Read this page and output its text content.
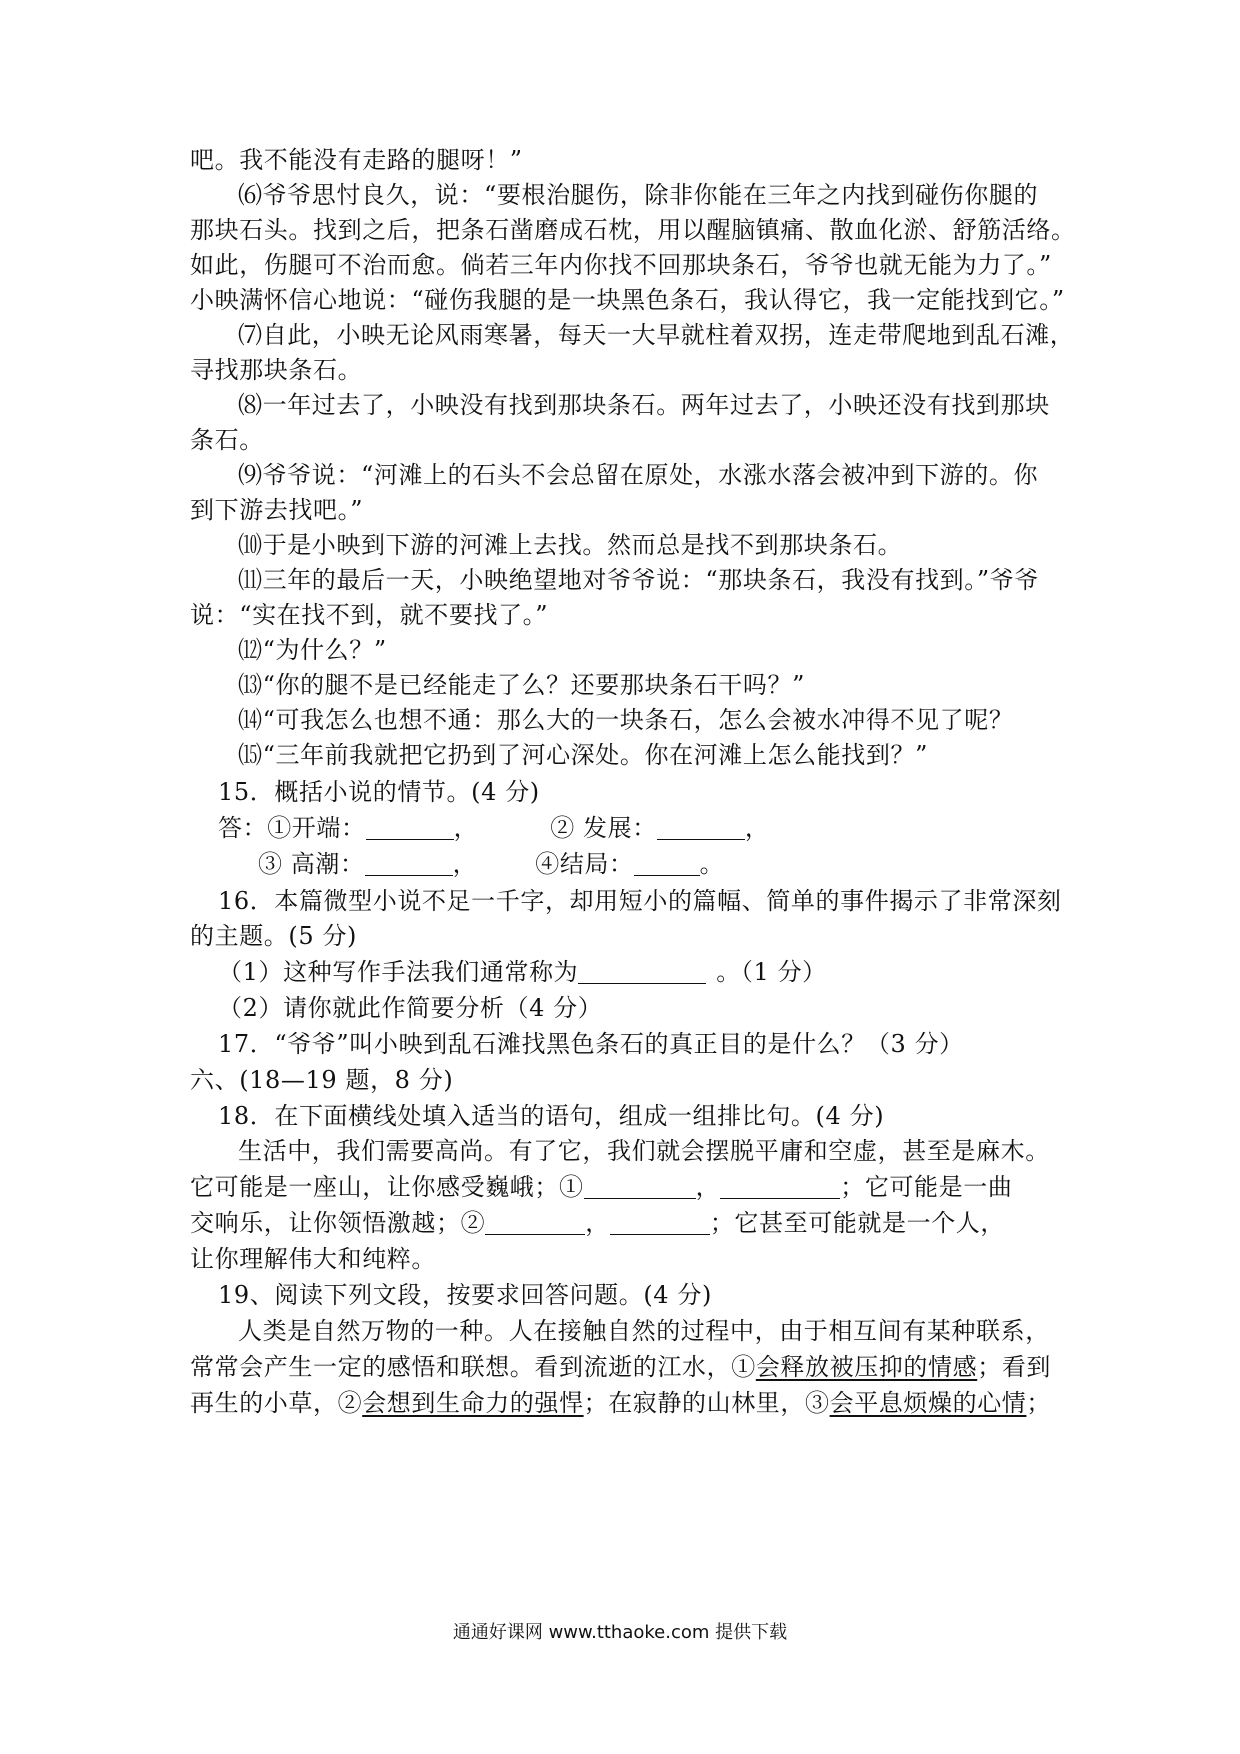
吧。我不能没有走路的腿呀！”
⑹爷爷思忖良久，说：“要根治腿伤，除非你能在三年之内找到碰伤你腿的
那块石头。找到之后，把条石凿磨成石枕，用以醒脑镇痛、散血化淤、舒筋活络。
如此，伤腿可不治而愈。倘若三年内你找不回那块条石，爷爷也就无能为力了。”
小映满怀信心地说：“碰伤我腿的是一块黑色条石，我认得它，我一定能找到它。”
⑺自此，小映无论风雨寒暑，每天一大早就柱着双拐，连走带爬地到乱石滩，
寻找那块条石。
⑻一年过去了，小映没有找到那块条石。两年过去了，小映还没有找到那块
条石。
⑼爷爷说：“河滩上的石头不会总留在原处，水涨水落会被冲到下游的。你
到下游去找吧。”
⑽于是小映到下游的河滩上去找。然而总是找不到那块条石。
⑾三年的最后一天，小映绝望地对爷爷说：“那块条石，我没有找到。”爷爷
说：“实在找不到，就不要找了。”
⑿“为什么？”
⒀“你的腿不是已经能走了么？还要那块条石干吗？”
⒁“可我怎么也想不通：那么大的一块条石，怎么会被水冲得不见了呢？
⒂“三年前我就把它扔到了河心深处。你在河滩上怎么能找到？”
15．概括小说的情节。(4 分)
答：①开端：	，	② 发展：	，
③ 高潮：	， ④结局：	。
16．本篇微型小说不足一千字，却用短小的篇幅、简单的事件揭示了非常深刻
的主题。(5 分)
（1）这种写作手法我们通常称为	。（1 分）
（2）请你就此作简要分析（4 分）
17．“爷爷”叫小映到乱石滩找黑色条石的真正目的是什么？（3 分）
六、(18—19 题，8 分)
18．在下面横线处填入适当的语句，组成一组排比句。(4 分)
生活中，我们需要高尚。有了它，我们就会摆脱平庸和空虚，甚至是麻木。
它可能是一座山，让你感受巍峨；①	，	；它可能是一曲
交响乐，让你领悟激越；②	，	；它甚至可能就是一个人，
让你理解伟大和纯粹。
19、阅读下列文段，按要求回答问题。(4 分)
人类是自然万物的一种。人在接触自然的过程中，由于相互间有某种联系，
常常会产生一定的感悟和联想。看到流逝的江水，①会释放被压抑的情感；看到
再生的小草，②会想到生命力的强悍；在寂静的山林里，③会平息烦燥的心情；
通通好课网 www.tthaoke.com 提供下载
